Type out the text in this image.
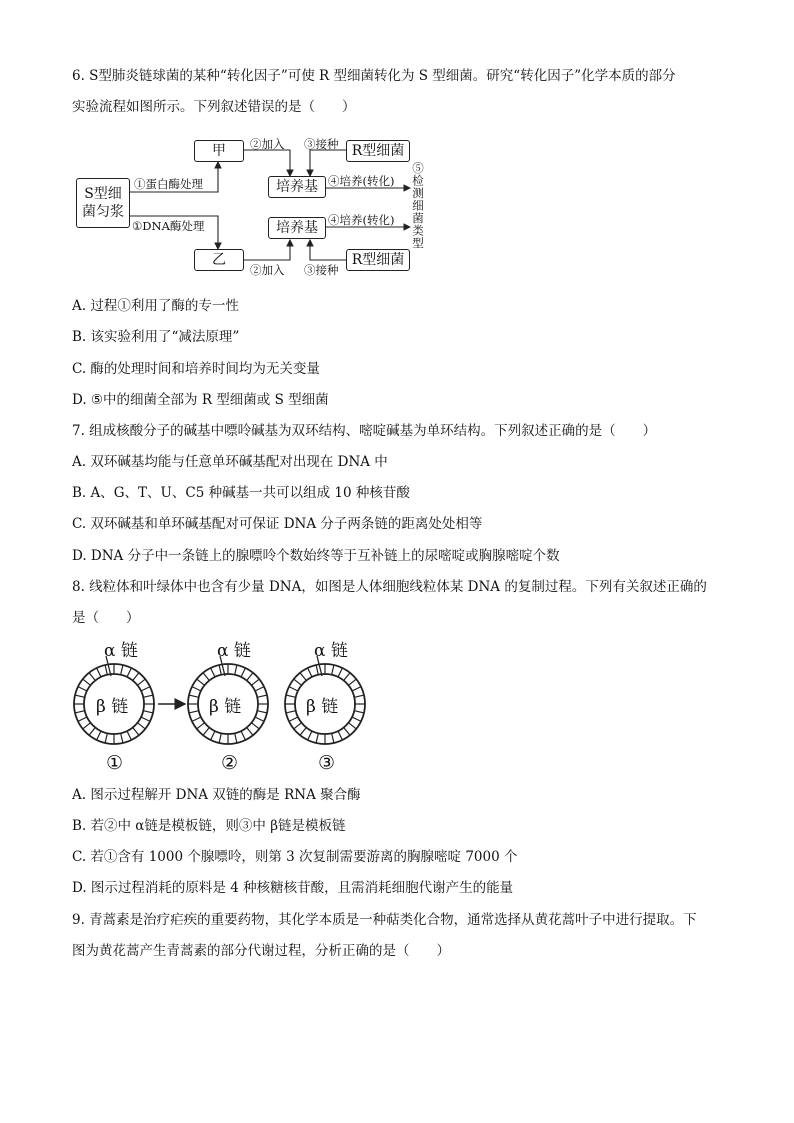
6. S型肺炎链球菌的某种“转化因子”可使 R 型细菌转化为 S 型细菌。研究“转化因子”化学本质的部分
实验流程如图所示。下列叙述错误的是（　　）
S型细
菌匀浆
甲
乙
培养基
培养基
R型细菌
R型细菌
①蛋白酶处理
①DNA酶处理
②加入
②加入
③接种
③接种
④培养(转化)
④培养(转化) ⑤检测细菌类型
A. 过程①利用了酶的专一性
B. 该实验利用了“减法原理”
C. 酶的处理时间和培养时间均为无关变量
D. ⑤中的细菌全部为 R 型细菌或 S 型细菌
7. 组成核酸分子的碱基中嘌呤碱基为双环结构、嘧啶碱基为单环结构。下列叙述正确的是（　　）
A. 双环碱基均能与任意单环碱基配对出现在 DNA 中
B. A、G、T、U、C5 种碱基一共可以组成 10 种核苷酸
C. 双环碱基和单环碱基配对可保证 DNA 分子两条链的距离处处相等
D. DNA 分子中一条链上的腺嘌呤个数始终等于互补链上的尿嘧啶或胸腺嘧啶个数
8. 线粒体和叶绿体中也含有少量 DNA，如图是人体细胞线粒体某 DNA 的复制过程。下列有关叙述正确的
是（　　）
α 链	α 链	α 链
β 链	β 链	β 链
①	②	③
A. 图示过程解开 DNA 双链的酶是 RNA 聚合酶
B. 若②中 α链是模板链，则③中 β链是模板链
C. 若①含有 1000 个腺嘌呤，则第 3 次复制需要游离的胸腺嘧啶 7000 个
D. 图示过程消耗的原料是 4 种核糖核苷酸，且需消耗细胞代谢产生的能量
9. 青蒿素是治疗疟疾的重要药物，其化学本质是一种萜类化合物，通常选择从黄花蒿叶子中进行提取。下
图为黄花蒿产生青蒿素的部分代谢过程，分析正确的是（　　）
